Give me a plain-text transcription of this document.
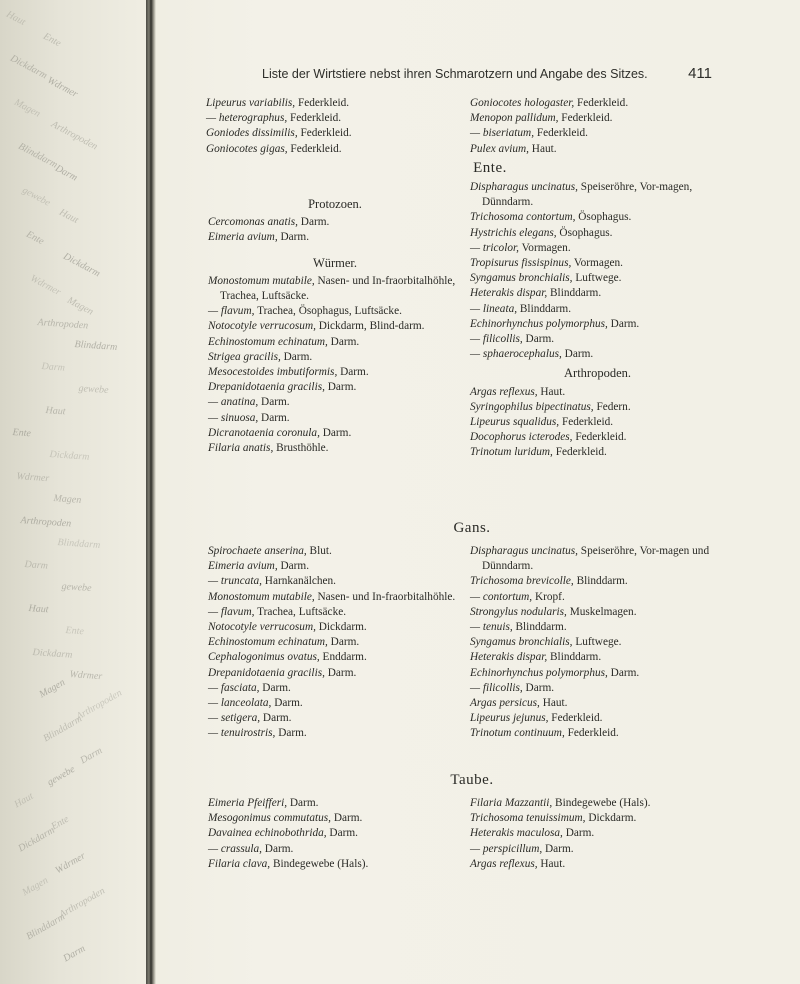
Haut
Ente
Dickdarm
Wdrmer
Magen
Arthropoden
Blinddarm
Darm
gewebe
Haut
Ente
Dickdarm
Wdrmer
Magen
Arthropoden
Blinddarm
Darm
gewebe
Haut
Ente
Dickdarm
Wdrmer
Magen
Arthropoden
Blinddarm
Darm
gewebe
Haut
Ente
Dickdarm
Wdrmer
Magen Arthropoden
Blinddarm
Darm
gewebe
Haut
Ente
Dickdarm
Wdrmer
Magen Arthropoden
Blinddarm
Darm
Liste der Wirtstiere nebst ihren Schmarotzern und Angabe des Sitzes.	411
Lipeurus variabilis, Federkleid.
— heterographus, Federkleid.
Goniodes dissimilis, Federkleid.
Goniocotes gigas, Federkleid.
Goniocotes hologaster, Federkleid.
Menopon pallidum, Federkleid.
— biseriatum, Federkleid.
Pulex avium, Haut.
Ente.
Protozoen.
Cercomonas anatis, Darm.
Eimeria avium, Darm.
Würmer.
Monostomum mutabile, Nasen- und In-fraorbitalhöhle, Trachea, Luftsäcke.
— flavum, Trachea, Ösophagus, Luftsäcke.
Notocotyle verrucosum, Dickdarm, Blind-darm.
Echinostomum echinatum, Darm.
Strigea gracilis, Darm.
Mesocestoides imbutiformis, Darm.
Drepanidotaenia gracilis, Darm.
— anatina, Darm.
— sinuosa, Darm.
Dicranotaenia coronula, Darm.
Filaria anatis, Brusthöhle.
Dispharagus uncinatus, Speiseröhre, Vor-magen, Dünndarm.
Trichosoma contortum, Ösophagus.
Hystrichis elegans, Ösophagus.
— tricolor, Vormagen.
Tropisurus fissispinus, Vormagen.
Syngamus bronchialis, Luftwege.
Heterakis dispar, Blinddarm.
— lineata, Blinddarm.
Echinorhynchus polymorphus, Darm.
— filicollis, Darm.
— sphaerocephalus, Darm.
Arthropoden.
Argas reflexus, Haut.
Syringophilus bipectinatus, Federn.
Lipeurus squalidus, Federkleid.
Docophorus icterodes, Federkleid.
Trinotum luridum, Federkleid.
Gans.
Spirochaete anserina, Blut.
Eimeria avium, Darm.
— truncata, Harnkanälchen.
Monostomum mutabile, Nasen- und In-fraorbitalhöhle.
— flavum, Trachea, Luftsäcke.
Notocotyle verrucosum, Dickdarm.
Echinostomum echinatum, Darm.
Cephalogonimus ovatus, Enddarm.
Drepanidotaenia gracilis, Darm.
— fasciata, Darm.
— lanceolata, Darm.
— setigera, Darm.
— tenuirostris, Darm.
Dispharagus uncinatus, Speiseröhre, Vor-magen und Dünndarm.
Trichosoma brevicolle, Blinddarm.
— contortum, Kropf.
Strongylus nodularis, Muskelmagen.
— tenuis, Blinddarm.
Syngamus bronchialis, Luftwege.
Heterakis dispar, Blinddarm.
Echinorhynchus polymorphus, Darm.
— filicollis, Darm.
Argas persicus, Haut.
Lipeurus jejunus, Federkleid.
Trinotum continuum, Federkleid.
Taube.
Eimeria Pfeifferi, Darm.
Mesogonimus commutatus, Darm.
Davainea echinobothrida, Darm.
— crassula, Darm.
Filaria clava, Bindegewebe (Hals).
Filaria Mazzantii, Bindegewebe (Hals).
Trichosoma tenuissimum, Dickdarm.
Heterakis maculosa, Darm.
— perspicillum, Darm.
Argas reflexus, Haut.
